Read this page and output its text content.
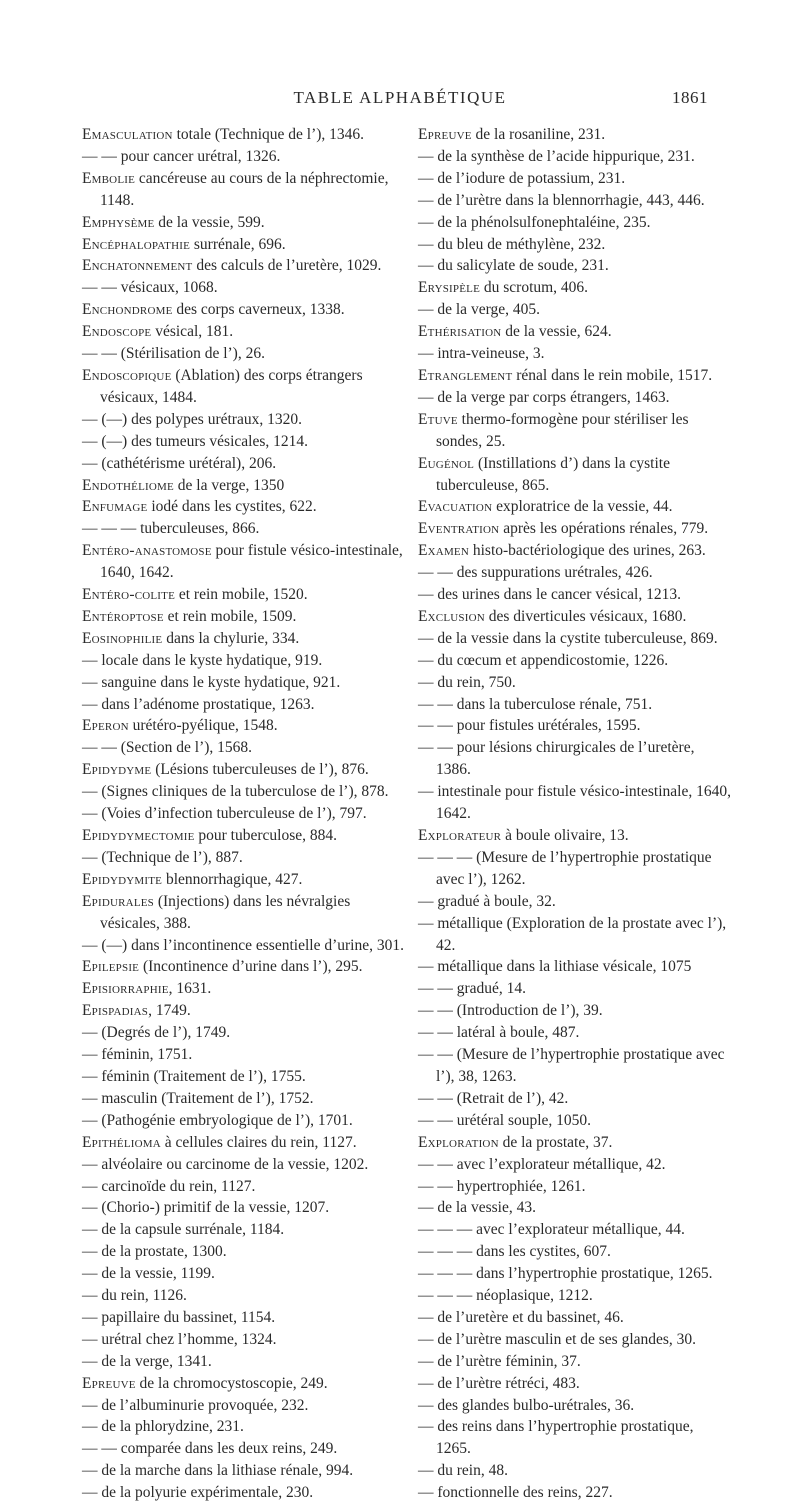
TABLE ALPHABÉTIQUE	1861
Emasculation totale (Technique de l’), 1346.
— — pour cancer urétral, 1326.
Embolie cancéreuse au cours de la néphrectomie, 1148.
Emphysème de la vessie, 599.
Encéphalopathie surrénale, 696.
Enchatonnement des calculs de l’uretère, 1029.
— — vésicaux, 1068.
Enchondrome des corps caverneux, 1338.
Endoscope vésical, 181.
— — (Stérilisation de l’), 26.
Endoscopique (Ablation) des corps étrangers vésicaux, 1484.
— (—) des polypes urétraux, 1320.
— (—) des tumeurs vésicales, 1214.
— (cathétérisme urétéral), 206.
Endothéliome de la verge, 1350
Enfumage iodé dans les cystites, 622.
— — — tuberculeuses, 866.
Entéro-anastomose pour fistule vésico-intestinale, 1640, 1642.
Entéro-colite et rein mobile, 1520.
Entéroptose et rein mobile, 1509.
Eosinophilie dans la chylurie, 334.
— locale dans le kyste hydatique, 919.
— sanguine dans le kyste hydatique, 921.
— dans l’adénome prostatique, 1263.
Eperon urétéro-pyélique, 1548.
— — (Section de l’), 1568.
Epidydyme (Lésions tuberculeuses de l’), 876.
— (Signes cliniques de la tuberculose de l’), 878.
— (Voies d’infection tuberculeuse de l’), 797.
Epidydymectomie pour tuberculose, 884.
— (Technique de l’), 887.
Epidydymite blennorrhagique, 427.
Epidurales (Injections) dans les névralgies vésicales, 388.
— (—) dans l’incontinence essentielle d’urine, 301.
Epilepsie (Incontinence d’urine dans l’), 295.
Episiorraphie, 1631.
Epispadias, 1749.
— (Degrés de l’), 1749.
— féminin, 1751.
— féminin (Traitement de l’), 1755.
— masculin (Traitement de l’), 1752.
— (Pathogénie embryologique de l’), 1701.
Epithélioma à cellules claires du rein, 1127.
— alvéolaire ou carcinome de la vessie, 1202.
— carcinoïde du rein, 1127.
— (Chorio-) primitif de la vessie, 1207.
— de la capsule surrénale, 1184.
— de la prostate, 1300.
— de la vessie, 1199.
— du rein, 1126.
— papillaire du bassinet, 1154.
— urétral chez l’homme, 1324.
— de la verge, 1341.
Epreuve de la chromocystoscopie, 249.
— de l’albuminurie provoquée, 232.
— de la phlorydzine, 231.
— — comparée dans les deux reins, 249.
— de la marche dans la lithiase rénale, 994.
— de la polyurie expérimentale, 230.
Epreuve de la rosaniline, 231.
— de la synthèse de l’acide hippurique, 231.
— de l’iodure de potassium, 231.
— de l’urètre dans la blennorrhagie, 443, 446.
— de la phénolsulfonephtaléine, 235.
— du bleu de méthylène, 232.
— du salicylate de soude, 231.
Erysipèle du scrotum, 406.
— de la verge, 405.
Ethérisation de la vessie, 624.
— intra-veineuse, 3.
Etranglement rénal dans le rein mobile, 1517.
— de la verge par corps étrangers, 1463.
Etuve thermo-formogène pour stériliser les sondes, 25.
Eugénol (Instillations d’) dans la cystite tuberculeuse, 865.
Evacuation exploratrice de la vessie, 44.
Eventration après les opérations rénales, 779.
Examen histo-bactériologique des urines, 263.
— — des suppurations urétrales, 426.
— des urines dans le cancer vésical, 1213.
Exclusion des diverticules vésicaux, 1680.
— de la vessie dans la cystite tuberculeuse, 869.
— du cœcum et appendicostomie, 1226.
— du rein, 750.
— — dans la tuberculose rénale, 751.
— — pour fistules urétérales, 1595.
— — pour lésions chirurgicales de l’uretère, 1386.
— intestinale pour fistule vésico-intestinale, 1640, 1642.
Explorateur à boule olivaire, 13.
— — — (Mesure de l’hypertrophie prostatique avec l’), 1262.
— gradué à boule, 32.
— métallique (Exploration de la prostate avec l’), 42.
— métallique dans la lithiase vésicale, 1075
— — gradué, 14.
— — (Introduction de l’), 39.
— — latéral à boule, 487.
— — (Mesure de l’hypertrophie prostatique avec l’), 38, 1263.
— — (Retrait de l’), 42.
— — urétéral souple, 1050.
Exploration de la prostate, 37.
— — avec l’explorateur métallique, 42.
— — hypertrophiée, 1261.
— de la vessie, 43.
— — — avec l’explorateur métallique, 44.
— — — dans les cystites, 607.
— — — dans l’hypertrophie prostatique, 1265.
— — — néoplasique, 1212.
— de l’uretère et du bassinet, 46.
— de l’urètre masculin et de ses glandes, 30.
— de l’urètre féminin, 37.
— de l’urètre rétréci, 483.
— des glandes bulbo-urétrales, 36.
— des reins dans l’hypertrophie prostatique, 1265.
— du rein, 48.
— fonctionnelle des reins, 227.
